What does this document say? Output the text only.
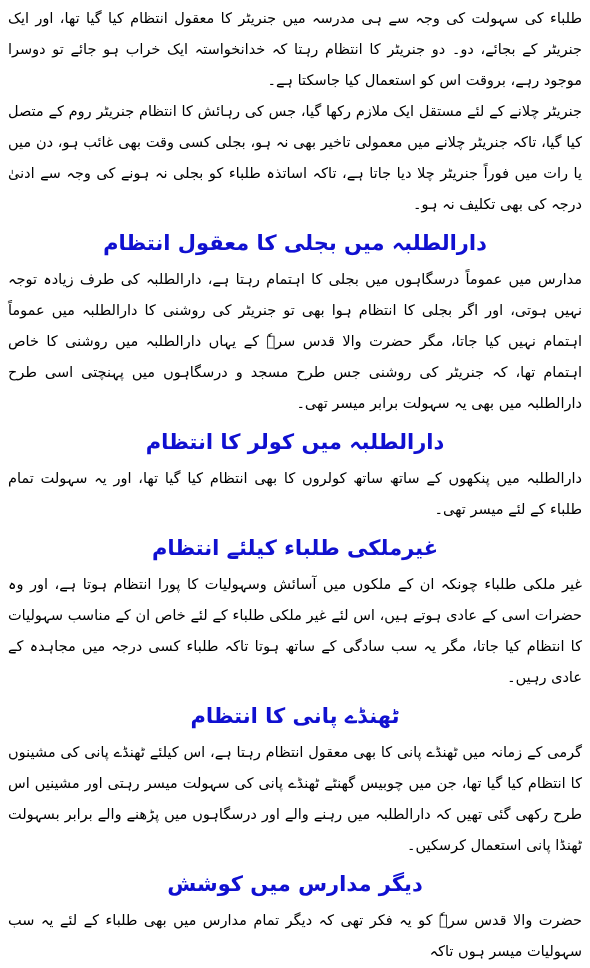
طلباء کی سہولت کی وجہ سے ہی مدرسہ میں جنریٹر کا معقول انتظام کیا گیا تھا، اور ایک جنریٹر کے بجائے، دو۔ دو جنریٹر کا انتظام رہتا کہ خدانخواستہ ایک خراب ہو جائے تو دوسرا موجود رہے، بروقت اس کو استعمال کیا جاسکتا ہے۔

جنریٹر چلانے کے لئے مستقل ایک ملازم رکھا گیا، جس کی رہائش کا انتظام جنریٹر روم کے متصل کیا گیا، تاکہ جنریٹر چلانے میں معمولی تاخیر بھی نہ ہو، بجلی کسی وقت بھی غائب ہو، دن میں یا رات میں فوراً جنریٹر چلا دیا جاتا ہے، تاکہ اساتذہ طلباء کو بجلی نہ ہونے کی وجہ سے ادنیٰ درجہ کی بھی تکلیف نہ ہو۔

دارالطلبہ میں بجلی کا معقول انتظام

مدارس میں عموماً درسگاہوں میں بجلی کا اہتمام رہتا ہے، دارالطلبہ کی طرف زیادہ توجہ نہیں ہوتی، اور اگر بجلی کا انتظام ہوا بھی تو جنریٹر کی روشنی کا دارالطلبہ میں عموماً اہتمام نہیں کیا جاتا، مگر حضرت والا قدس سرہٗ کے یہاں دارالطلبہ میں روشنی کا خاص اہتمام تھا، کہ جنریٹر کی روشنی جس طرح مسجد و درسگاہوں میں پہنچتی اسی طرح دارالطلبہ میں بھی یہ سہولت برابر میسر تھی۔

دارالطلبہ میں کولر کا انتظام

دارالطلبہ میں پنکھوں کے ساتھ ساتھ کولروں کا بھی انتظام کیا گیا تھا، اور یہ سہولت تمام طلباء کے لئے میسر تھی۔

غیرملکی طلباء کیلئے انتظام

غیر ملکی طلباء چونکہ ان کے ملکوں میں آسائش وسہولیات کا پورا انتظام ہوتا ہے، اور وہ حضرات اسی کے عادی ہوتے ہیں، اس لئے غیر ملکی طلباء کے لئے خاص ان کے مناسب سہولیات کا انتظام کیا جاتا، مگر یہ سب سادگی کے ساتھ ہوتا تاکہ طلباء کسی درجہ میں مجاہدہ کے عادی رہیں۔

ٹھنڈے پانی کا انتظام

گرمی کے زمانہ میں ٹھنڈے پانی کا بھی معقول انتظام رہتا ہے، اس کیلئے ٹھنڈے پانی کی مشینوں کا انتظام کیا گیا تھا، جن میں چوبیس گھنٹے ٹھنڈے پانی کی سہولت میسر رہتی اور مشینیں اس طرح رکھی گئی تھیں کہ دارالطلبہ میں رہنے والے اور درسگاہوں میں پڑھنے والے برابر بسہولت ٹھنڈا پانی استعمال کرسکیں۔

دیگر مدارس میں کوشش

حضرت والا قدس سرہٗ کو یہ فکر تھی کہ دیگر تمام مدارس میں بھی طلباء کے لئے یہ سب سہولیات میسر ہوں تاکہ
